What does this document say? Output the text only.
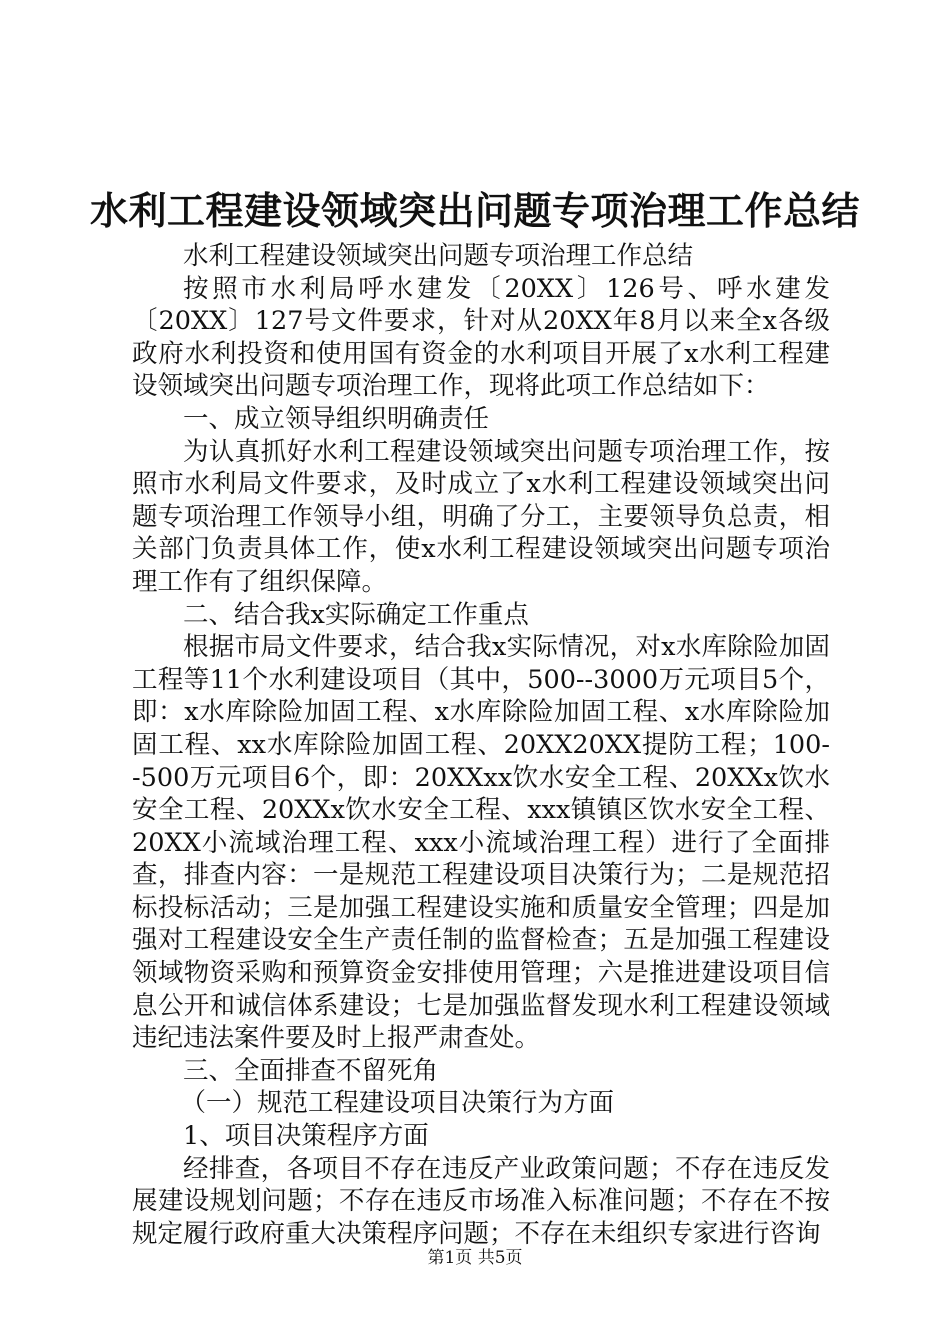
水利工程建设领域突出问题专项治理工作总结

水利工程建设领域突出问题专项治理工作总结

按照市水利局呼水建发〔20XX〕126号、呼水建发〔20XX〕127号文件要求，针对从20XX年8月以来全x各级政府水利投资和使用国有资金的水利项目开展了x水利工程建设领域突出问题专项治理工作，现将此项工作总结如下：

一、成立领导组织明确责任

为认真抓好水利工程建设领域突出问题专项治理工作，按照市水利局文件要求，及时成立了x水利工程建设领域突出问题专项治理工作领导小组，明确了分工，主要领导负总责，相关部门负责具体工作，使x水利工程建设领域突出问题专项治理工作有了组织保障。

二、结合我x实际确定工作重点

根据市局文件要求，结合我x实际情况，对x水库除险加固工程等11个水利建设项目（其中，500--3000万元项目5个，即：x水库除险加固工程、x水库除险加固工程、x水库除险加固工程、xx水库除险加固工程、20XX20XX提防工程；100--500万元项目6个，即：20XXxx饮水安全工程、20XXx饮水安全工程、20XXx饮水安全工程、xxx镇镇区饮水安全工程、20XX小流域治理工程、xxx小流域治理工程）进行了全面排查，排查内容：一是规范工程建设项目决策行为；二是规范招标投标活动；三是加强工程建设实施和质量安全管理；四是加强对工程建设安全生产责任制的监督检查；五是加强工程建设领域物资采购和预算资金安排使用管理；六是推进建设项目信息公开和诚信体系建设；七是加强监督发现水利工程建设领域违纪违法案件要及时上报严肃查处。

三、全面排查不留死角

（一）规范工程建设项目决策行为方面

1、项目决策程序方面

经排查，各项目不存在违反产业政策问题；不存在违反发展建设规划问题；不存在违反市场准入标准问题；不存在不按规定履行政府重大决策程序问题；不存在未组织专家进行咨询

第1页 共5页
